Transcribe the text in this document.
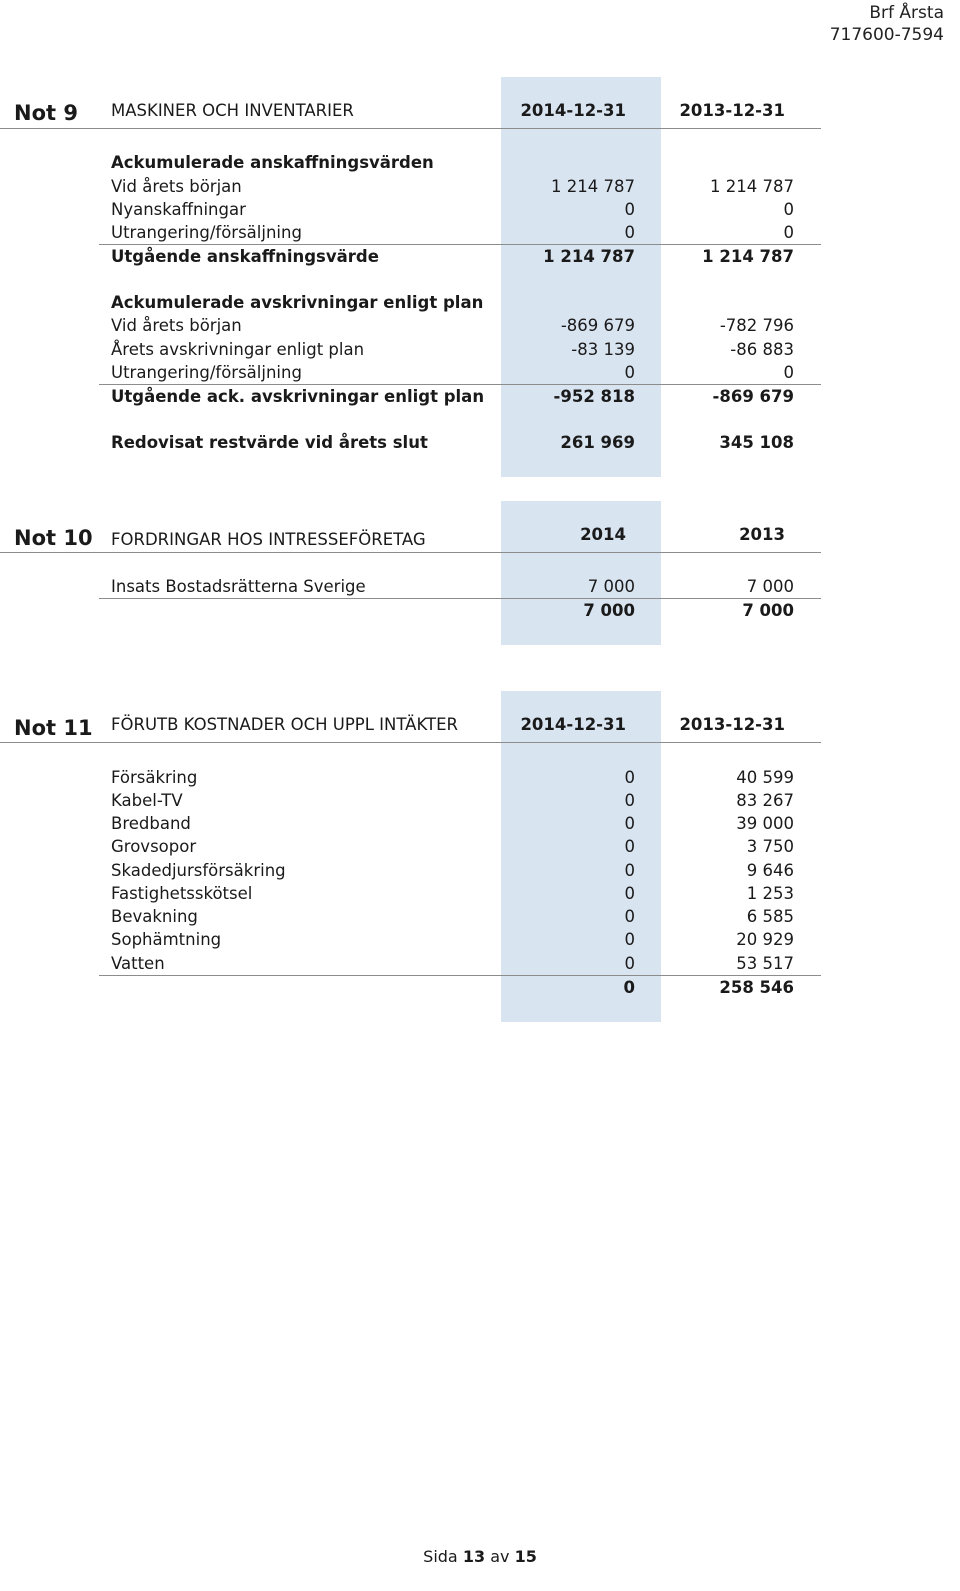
Brf Årsta
717600-7594
Not 9 MASKINER OCH INVENTARIER	2014-12-31	2013-12-31
Ackumulerade anskaffningsvärden
Vid årets början	1 214 787	1 214 787
Nyanskaffningar	0	0
Utrangering/försäljning	0	0
Utgående anskaffningsvärde	1 214 787	1 214 787
Ackumulerade avskrivningar enligt plan
Vid årets början	-869 679	-782 796
Årets avskrivningar enligt plan	-83 139	-86 883
Utrangering/försäljning	0	0
Utgående ack. avskrivningar enligt plan	-952 818	-869 679
Redovisat restvärde vid årets slut	261 969	345 108
Not 10 FORDRINGAR HOS INTRESSEFÖRETAG	2014	2013
Insats Bostadsrätterna Sverige	7 000	7 000
7 000	7 000
Not 11 FÖRUTB KOSTNADER OCH UPPL INTÄKTER	2014-12-31	2013-12-31
Försäkring	0	40 599
Kabel-TV	0	83 267
Bredband	0	39 000
Grovsopor	0	3 750
Skadedjursförsäkring	0	9 646
Fastighetsskötsel	0	1 253
Bevakning	0	6 585
Sophämtning	0	20 929
Vatten	0	53 517
0	258 546
Sida 13 av 15
